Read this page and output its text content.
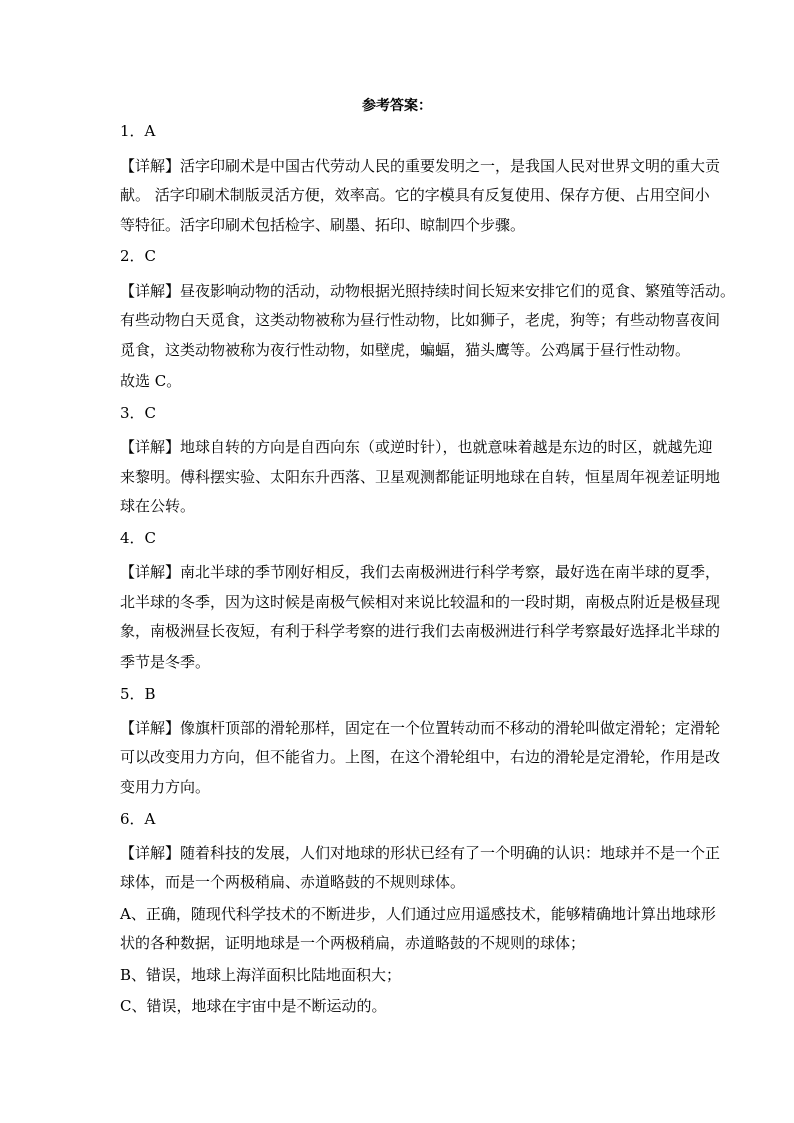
参考答案：
1．A
【详解】活字印刷术是中国古代劳动人民的重要发明之一，是我国人民对世界文明的重大贡
献。 活字印刷术制版灵活方便，效率高。它的字模具有反复使用、保存方便、占用空间小
等特征。活字印刷术包括检字、刷墨、拓印、晾制四个步骤。
2．C
【详解】昼夜影响动物的活动，动物根据光照持续时间长短来安排它们的觅食、繁殖等活动。
有些动物白天觅食，这类动物被称为昼行性动物，比如狮子，老虎，狗等；有些动物喜夜间
觅食，这类动物被称为夜行性动物，如壁虎，蝙蝠，猫头鹰等。公鸡属于昼行性动物。
故选 C。
3．C
【详解】地球自转的方向是自西向东（或逆时针），也就意味着越是东边的时区，就越先迎
来黎明。傅科摆实验、太阳东升西落、卫星观测都能证明地球在自转，恒星周年视差证明地
球在公转。
4．C
【详解】南北半球的季节刚好相反，我们去南极洲进行科学考察，最好选在南半球的夏季，
北半球的冬季，因为这时候是南极气候相对来说比较温和的一段时期，南极点附近是极昼现
象，南极洲昼长夜短，有利于科学考察的进行我们去南极洲进行科学考察最好选择北半球的
季节是冬季。
5．B
【详解】像旗杆顶部的滑轮那样，固定在一个位置转动而不移动的滑轮叫做定滑轮；定滑轮
可以改变用力方向，但不能省力。上图，在这个滑轮组中，右边的滑轮是定滑轮，作用是改
变用力方向。
6．A
【详解】随着科技的发展，人们对地球的形状已经有了一个明确的认识：地球并不是一个正
球体，而是一个两极稍扁、赤道略鼓的不规则球体。
A、正确，随现代科学技术的不断进步，人们通过应用遥感技术，能够精确地计算出地球形
状的各种数据，证明地球是一个两极稍扁，赤道略鼓的不规则的球体；
B、错误，地球上海洋面积比陆地面积大；
C、错误，地球在宇宙中是不断运动的。
